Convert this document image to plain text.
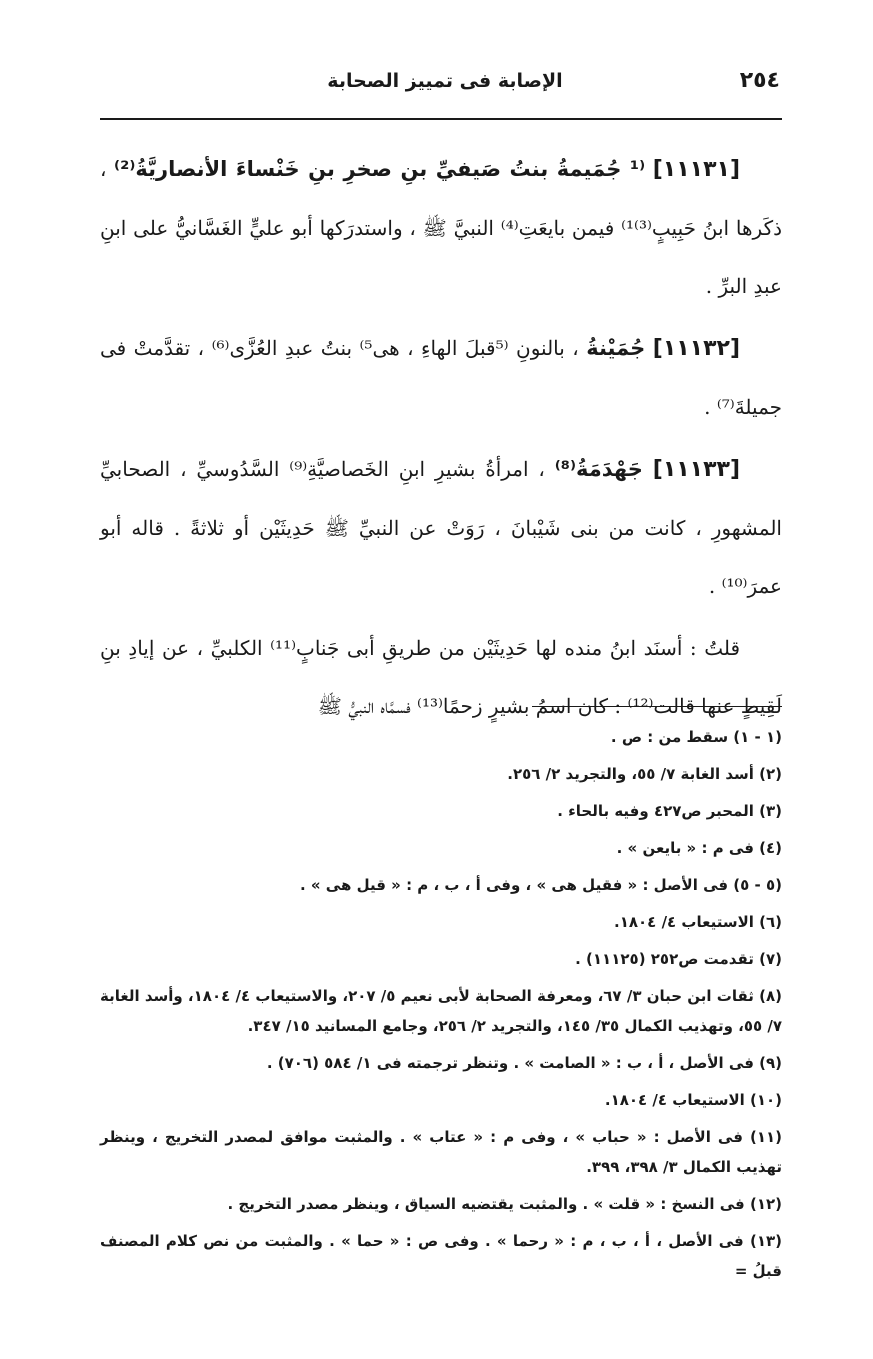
٢٥٤
الإصابة فى تمييز الصحابة

[١١١٣١] ⁽¹ جُمَيمةُ بنتُ صَيفيِّ بنِ صخرِ بنِ خَنْساءَ الأنصاريَّةُ⁽²⁾ ، ذكَرها ابنُ حَبِيبٍ⁽³⁾¹⁾ فيمن بايعَتِ⁽⁴⁾ النبيَّ ﷺ ، واستدرَكها أبو عليٍّ الغَسَّانيُّ على ابنِ عبدِ البرِّ .

[١١١٣٢] جُمَيْنةُ ، بالنونِ ⁽⁵قبلَ الهاءِ ، هى⁵⁾ بنتُ عبدِ العُزَّى⁽⁶⁾ ، تقدَّمتْ فى جميلةَ⁽⁷⁾ .

[١١١٣٣] جَهْدَمَةُ⁽⁸⁾ ، امرأةُ بشيرِ ابنِ الخَصاصيَّةِ⁽⁹⁾ السَّدُوسيِّ ، الصحابيِّ المشهورِ ، كانت من بنى شَيْبانَ ، رَوَتْ عن النبيِّ ﷺ حَدِيثَيْن أو ثلاثةً . قاله أبو عمرَ⁽¹⁰⁾ .

قلتُ : أسنَد ابنُ منده لها حَدِيثَيْن من طريقِ أبى جَنابٍ⁽¹¹⁾ الكلبيِّ ، عن إيادِ بنِ لَقِيطٍ عنها قالت⁽¹²⁾ : كان اسمُ بشيرٍ زحمًا⁽¹³⁾ فسمَّاه النبيُّ ﷺ

(١ - ١) سقط من : ص .

(٢) أسد الغابة ٧/ ٥٥، والتجريد ٢/ ٢٥٦.

(٣) المحبر ص٤٢٧ وفيه بالحاء .

(٤) فى م : « بايعن » .

(٥ - ٥) فى الأصل : « فقيل هى » ، وفى أ ، ب ، م : « قيل هى » .

(٦) الاستيعاب ٤/ ١٨٠٤.

(٧) تقدمت ص٢٥٢ (١١١٢٥) .

(٨) ثقات ابن حبان ٣/ ٦٧، ومعرفة الصحابة لأبى نعيم ٥/ ٢٠٧، والاستيعاب ٤/ ١٨٠٤، وأسد الغابة ٧/ ٥٥، وتهذيب الكمال ٣٥/ ١٤٥، والتجريد ٢/ ٢٥٦، وجامع المسانيد ١٥/ ٣٤٧.

(٩) فى الأصل ، أ ، ب : « الصامت » . وتنظر ترجمته فى ١/ ٥٨٤ (٧٠٦) .

(١٠) الاستيعاب ٤/ ١٨٠٤.

(١١) فى الأصل : « حباب » ، وفى م : « عتاب » . والمثبت موافق لمصدر التخريج ، وينظر تهذيب الكمال ٣/ ٣٩٨، ٣٩٩.

(١٢) فى النسخ : « قلت » . والمثبت يقتضيه السياق ، وينظر مصدر التخريج .

(١٣) فى الأصل ، أ ، ب ، م : « رحما » . وفى ص : « حما » . والمثبت من نص كلام المصنف قبلُ =
